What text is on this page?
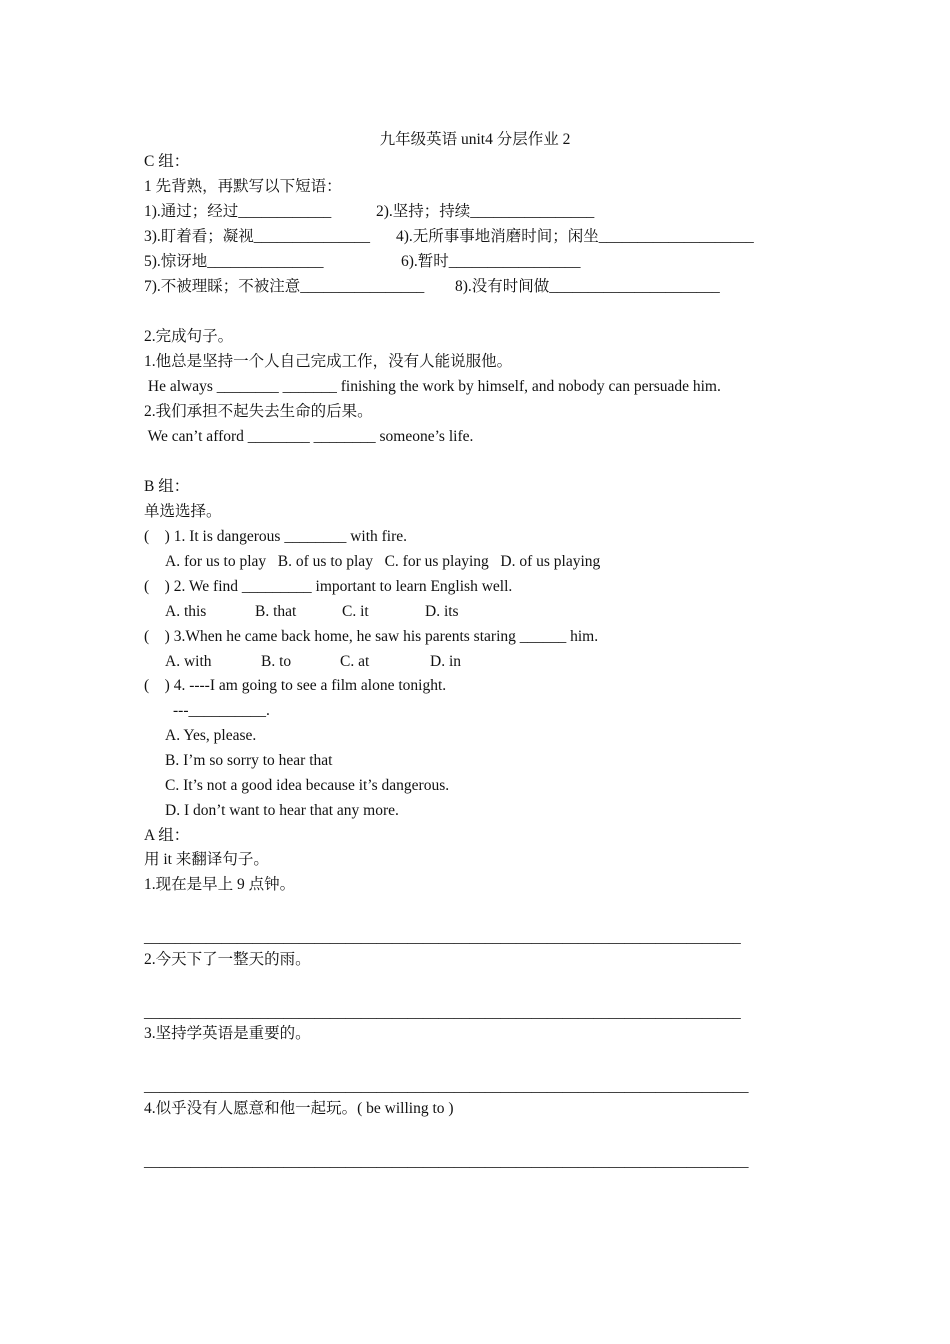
九年级英语 unit4 分层作业 2
C 组：
1 先背熟，再默写以下短语：
1).通过；经过____________	2).坚持；持续________________
3).盯着看；凝视_______________ 4).无所事事地消磨时间；闲坐____________________
5).惊讶地_______________	6).暂时_________________
7).不被理睬；不被注意________________ 8).没有时间做______________________
2.完成句子。
1.他总是坚持一个人自己完成工作，没有人能说服他。
He always ________ _______ finishing the work by himself, and nobody can persuade him.
2.我们承担不起失去生命的后果。
We can’t afford ________ ________ someone’s life.
B 组：
单选选择。
(    ) 1. It is dangerous ________ with fire.
A. for us to play   B. of us to play   C. for us playing   D. of us playing
(    ) 2. We find _________ important to learn English well.
A. this	B. that	C. it	D. its
(    ) 3.When he came back home, he saw his parents staring ______ him.
A. with	B. to	C. at	D. in
(    ) 4. ----I am going to see a film alone tonight.
---__________.
A. Yes, please.
B. I’m so sorry to hear that
C. It’s not a good idea because it’s dangerous.
D. I don’t want to hear that any more.
A 组：
用 it 来翻译句子。
1.现在是早上 9 点钟。
_____________________________________________________________________________
2.今天下了一整天的雨。
_____________________________________________________________________________
3.坚持学英语是重要的。
______________________________________________________________________________
4.似乎没有人愿意和他一起玩。( be willing to )
______________________________________________________________________________
